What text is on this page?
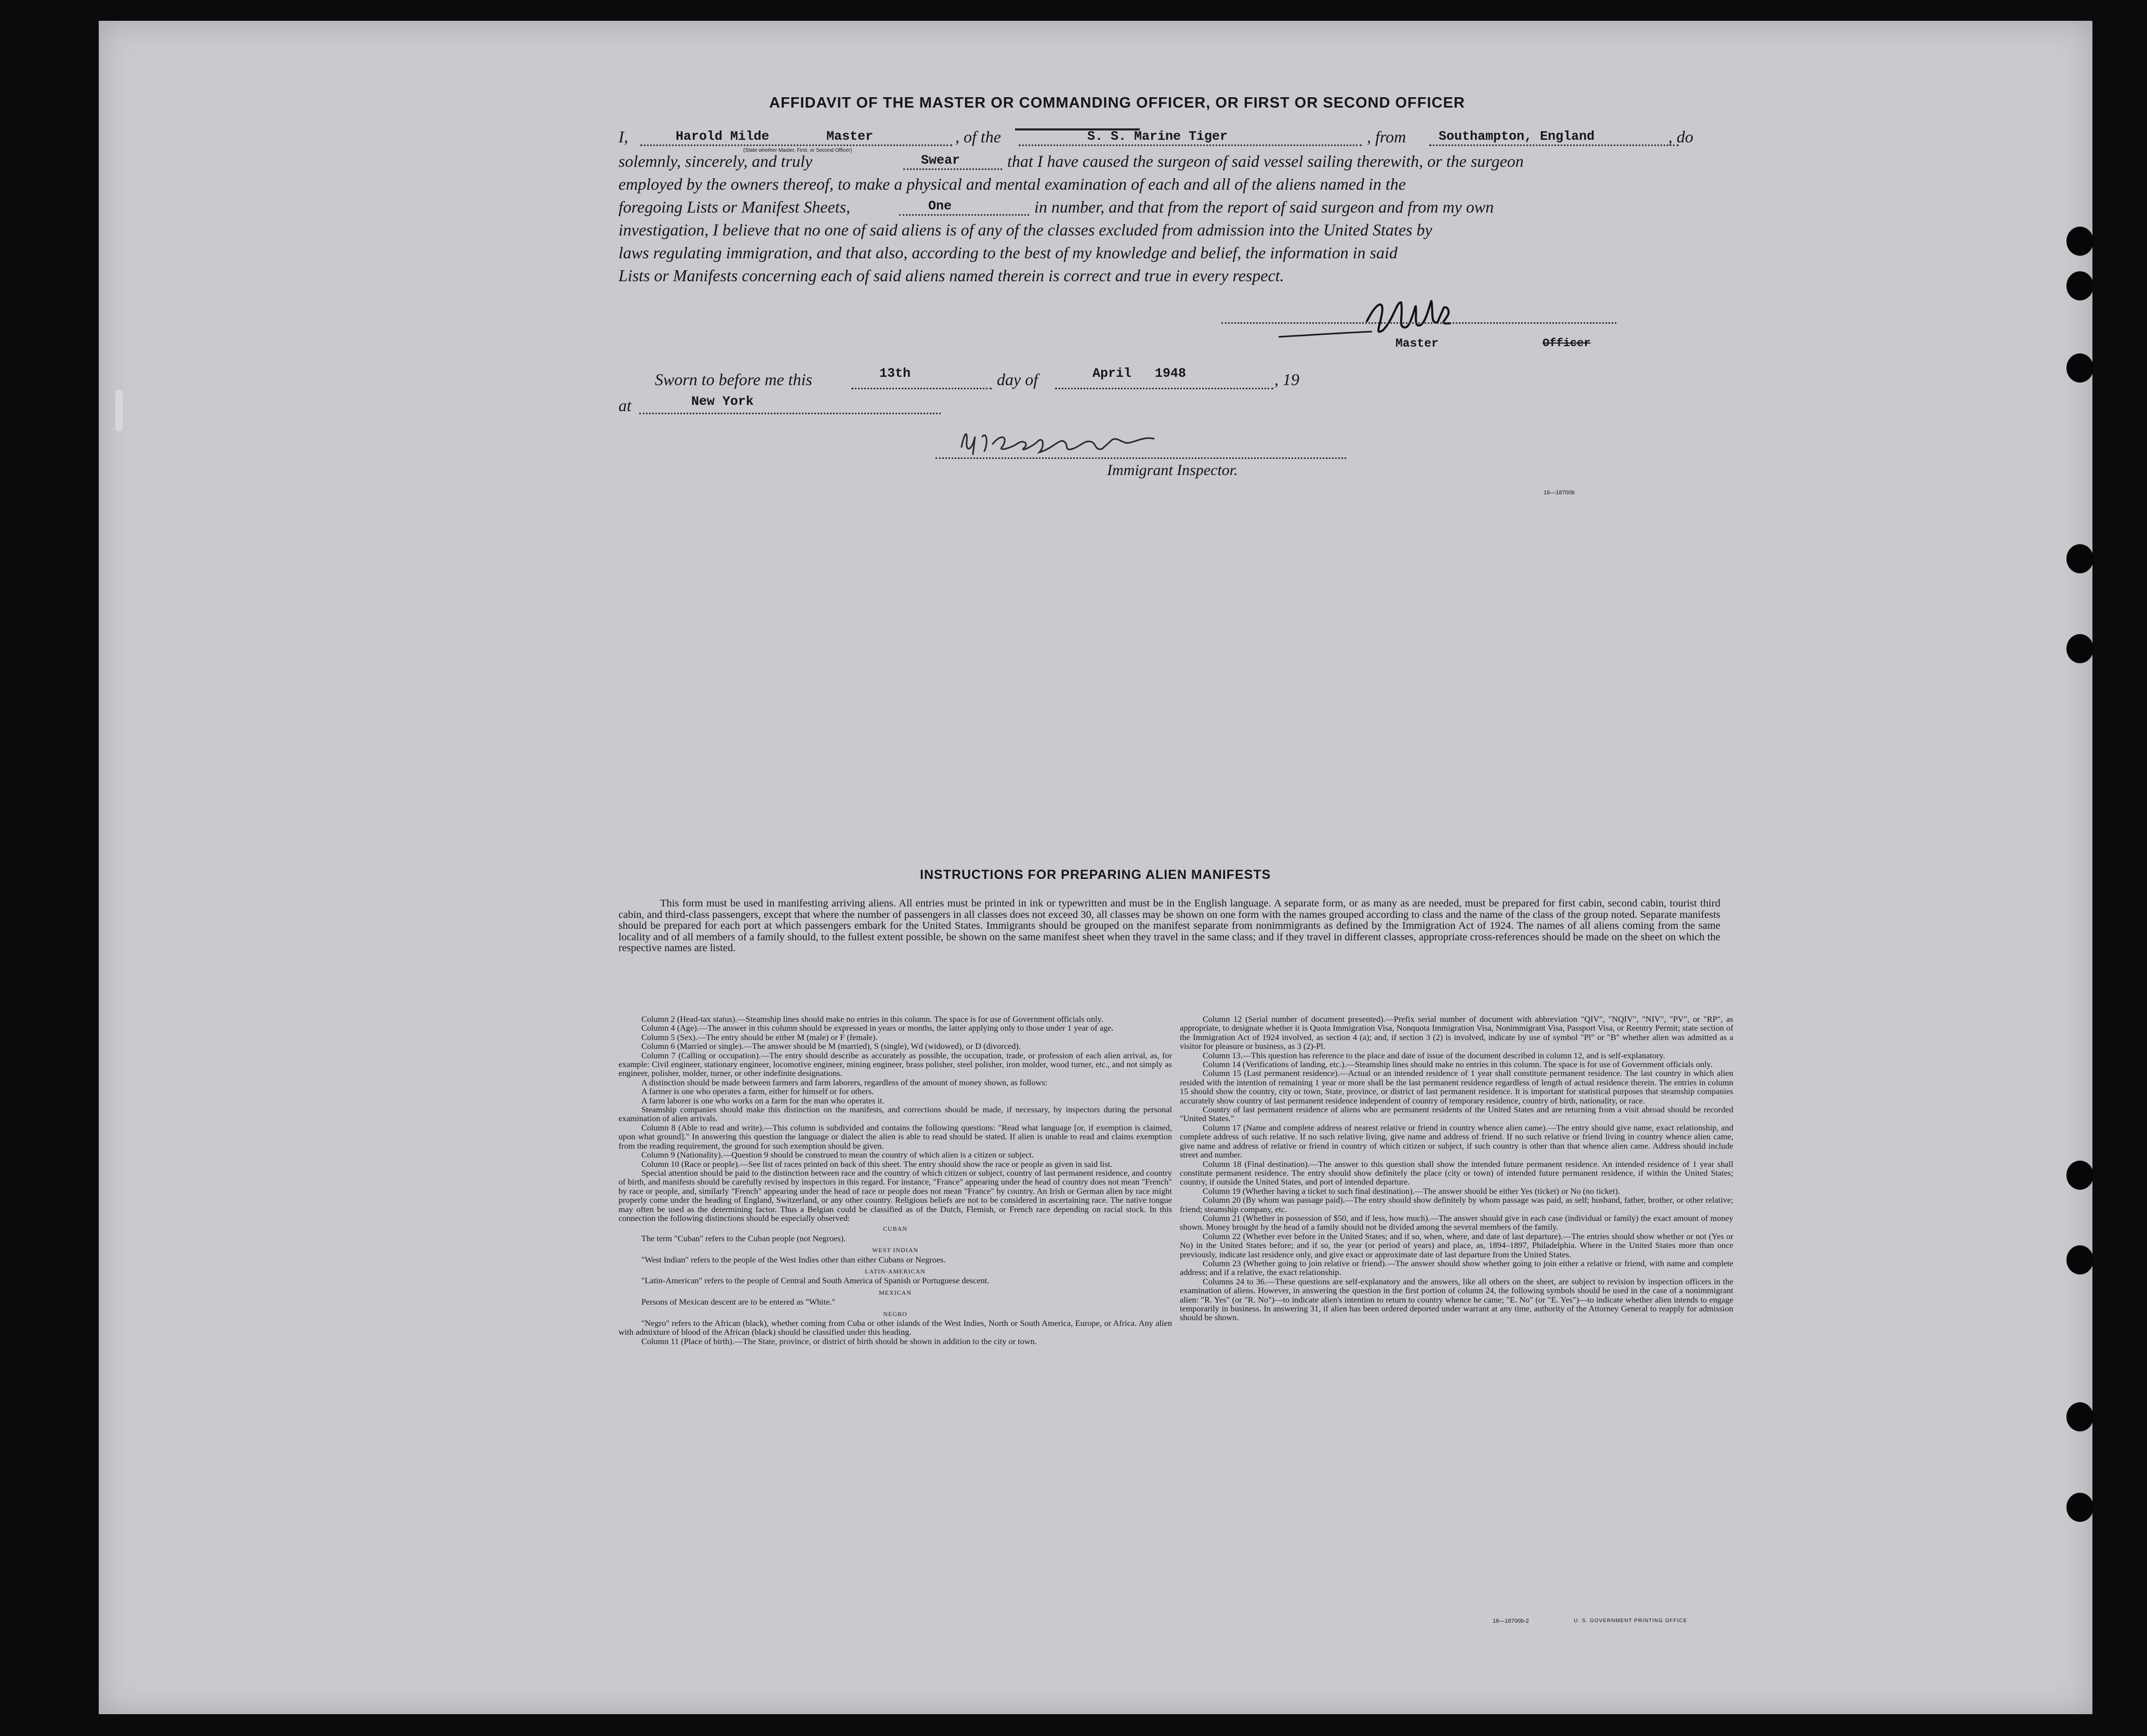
AFFIDAVIT OF THE MASTER OR COMMANDING OFFICER, OR FIRST OR SECOND OFFICER
I,	Harold Milde	Master
(State whether Master, First, or Second Officer)
, of the	S. S. Marine Tiger	, from	Southampton, England	, do
solemnly, sincerely, and truly	Swear	that I have caused the surgeon of said vessel sailing therewith, or the surgeon
employed by the owners thereof, to make a physical and mental examination of each and all of the aliens named in the
foregoing Lists or Manifest Sheets,	One	in number, and that from the report of said surgeon and from my own
investigation, I believe that no one of said aliens is of any of the classes excluded from admission into the United States by
laws regulating immigration, and that also, according to the best of my knowledge and belief, the information in said
Lists or Manifests concerning each of said aliens named therein is correct and true in every respect.
Master	Officer
Sworn to before me this	13th	day of	April   1948	, 19
at	New York
Immigrant Inspector.
16—18700b
INSTRUCTIONS FOR PREPARING ALIEN MANIFESTS

This form must be used in manifesting arriving aliens. All entries must be printed in ink or typewritten and must be in the English language. A separate form, or as many as are needed, must be prepared for first cabin, second cabin, tourist third cabin, and third-class passengers, except that where the number of passengers in all classes does not exceed 30, all classes may be shown on one form with the names grouped according to class and the name of the class of the group noted. Separate manifests should be prepared for each port at which passengers embark for the United States. Immigrants should be grouped on the manifest separate from nonimmigrants as defined by the Immigration Act of 1924. The names of all aliens coming from the same locality and of all members of a family should, to the fullest extent possible, be shown on the same manifest sheet when they travel in the same class; and if they travel in different classes, appropriate cross-references should be made on the sheet on which the respective names are listed.

Column 2 (Head-tax status).—Steamship lines should make no entries in this column. The space is for use of Government officials only.

Column 4 (Age).—The answer in this column should be expressed in years or months, the latter applying only to those under 1 year of age.

Column 5 (Sex).—The entry should be either M (male) or F (female).

Column 6 (Married or single).—The answer should be M (married), S (single), Wd (widowed), or D (divorced).

Column 7 (Calling or occupation).—The entry should describe as accurately as possible, the occupation, trade, or profession of each alien arrival, as, for example: Civil engineer, stationary engineer, locomotive engineer, mining engineer, brass polisher, steel polisher, iron molder, wood turner, etc., and not simply as engineer, polisher, molder, turner, or other indefinite designations.

A distinction should be made between farmers and farm laborers, regardless of the amount of money shown, as follows:

A farmer is one who operates a farm, either for himself or for others.

A farm laborer is one who works on a farm for the man who operates it.

Steamship companies should make this distinction on the manifests, and corrections should be made, if necessary, by inspectors during the personal examination of alien arrivals.

Column 8 (Able to read and write).—This column is subdivided and contains the following questions: "Read what language [or, if exemption is claimed, upon what ground]." In answering this question the language or dialect the alien is able to read should be stated. If alien is unable to read and claims exemption from the reading requirement, the ground for such exemption should be given.

Column 9 (Nationality).—Question 9 should be construed to mean the country of which alien is a citizen or subject.

Column 10 (Race or people).—See list of races printed on back of this sheet. The entry should show the race or people as given in said list.

Special attention should be paid to the distinction between race and the country of which citizen or subject, country of last permanent residence, and country of birth, and manifests should be carefully revised by inspectors in this regard. For instance, "France" appearing under the head of country does not mean "French" by race or people, and, similarly "French" appearing under the head of race or people does not mean "France" by country. An Irish or German alien by race might properly come under the heading of England, Switzerland, or any other country. Religious beliefs are not to be considered in ascertaining race. The native tongue may often be used as the determining factor. Thus a Belgian could be classified as of the Dutch, Flemish, or French race depending on racial stock. In this connection the following distinctions should be especially observed:

CUBAN

The term "Cuban" refers to the Cuban people (not Negroes).

WEST INDIAN

"West Indian" refers to the people of the West Indies other than either Cubans or Negroes.

LATIN-AMERICAN

"Latin-American" refers to the people of Central and South America of Spanish or Portuguese descent.

MEXICAN

Persons of Mexican descent are to be entered as "White."

NEGRO

"Negro" refers to the African (black), whether coming from Cuba or other islands of the West Indies, North or South America, Europe, or Africa. Any alien with admixture of blood of the African (black) should be classified under this heading.

Column 11 (Place of birth).—The State, province, or district of birth should be shown in addition to the city or town.

Column 12 (Serial number of document presented).—Prefix serial number of document with abbreviation "QIV", "NQIV", "NIV", "PV", or "RP", as appropriate, to designate whether it is Quota Immigration Visa, Nonquota Immigration Visa, Nonimmigrant Visa, Passport Visa, or Reentry Permit; state section of the Immigration Act of 1924 involved, as section 4 (a); and, if section 3 (2) is involved, indicate by use of symbol "Pl" or "B" whether alien was admitted as a visitor for pleasure or business, as 3 (2)-Pl.

Column 13.—This question has reference to the place and date of issue of the document described in column 12, and is self-explanatory.

Column 14 (Verifications of landing, etc.).—Steamship lines should make no entries in this column. The space is for use of Government officials only.

Column 15 (Last permanent residence).—Actual or an intended residence of 1 year shall constitute permanent residence. The last country in which alien resided with the intention of remaining 1 year or more shall be the last permanent residence regardless of length of actual residence therein. The entries in column 15 should show the country, city or town, State, province, or district of last permanent residence. It is important for statistical purposes that steamship companies accurately show country of last permanent residence independent of country of temporary residence, country of birth, nationality, or race.

Country of last permanent residence of aliens who are permanent residents of the United States and are returning from a visit abroad should be recorded "United States."

Column 17 (Name and complete address of nearest relative or friend in country whence alien came).—The entry should give name, exact relationship, and complete address of such relative. If no such relative living, give name and address of friend. If no such relative or friend living in country whence alien came, give name and address of relative or friend in country of which citizen or subject, if such country is other than that whence alien came. Address should include street and number.

Column 18 (Final destination).—The answer to this question shall show the intended future permanent residence. An intended residence of 1 year shall constitute permanent residence. The entry should show definitely the place (city or town) of intended future permanent residence, if within the United States; country, if outside the United States, and port of intended departure.

Column 19 (Whether having a ticket to such final destination).—The answer should be either Yes (ticket) or No (no ticket).

Column 20 (By whom was passage paid).—The entry should show definitely by whom passage was paid, as self; husband, father, brother, or other relative; friend; steamship company, etc.

Column 21 (Whether in possession of $50, and if less, how much).—The answer should give in each case (individual or family) the exact amount of money shown. Money brought by the head of a family should not be divided among the several members of the family.

Column 22 (Whether ever before in the United States; and if so, when, where, and date of last departure).—The entries should show whether or not (Yes or No) in the United States before; and if so, the year (or period of years) and place, as, 1894–1897, Philadelphia. Where in the United States more than once previously, indicate last residence only, and give exact or approximate date of last departure from the United States.

Column 23 (Whether going to join relative or friend).—The answer should show whether going to join either a relative or friend, with name and complete address; and if a relative, the exact relationship.

Columns 24 to 36.—These questions are self-explanatory and the answers, like all others on the sheet, are subject to revision by inspection officers in the examination of aliens. However, in answering the question in the first portion of column 24, the following symbols should be used in the case of a nonimmigrant alien: "R. Yes" (or "R. No")—to indicate alien's intention to return to country whence he came; "E. No" (or "E. Yes")—to indicate whether alien intends to engage temporarily in business. In answering 31, if alien has been ordered deported under warrant at any time, authority of the Attorney General to reapply for admission should be shown.

16—18700b-2	U. S. GOVERNMENT PRINTING OFFICE
